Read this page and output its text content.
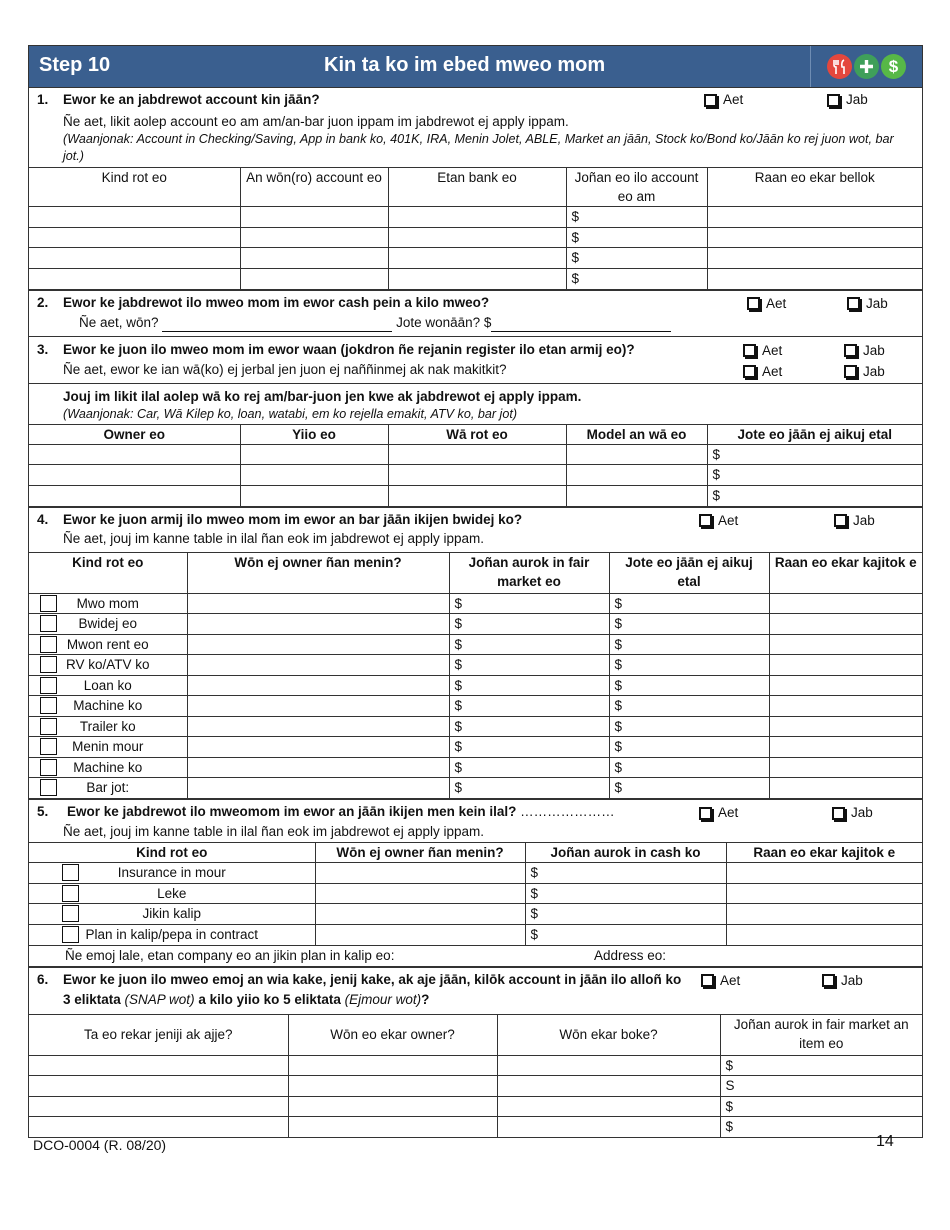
Step 10	Kin ta ko im ebed mweo mom	$
1. Ewor ke an jabdrewot account kin jāān?	Aet	Jab
Ñe aet, likit aolep account eo am am/an-bar juon ippam im jabdrewot ej apply ippam.
(Waanjonak: Account in Checking/Saving, App in bank ko, 401K, IRA, Menin Jolet, ABLE, Market an jāān, Stock ko/Bond ko/Jāān ko rej juon wot, bar jot.)
Kind rot eo	An wōn(ro) account eo	Etan bank eo	Joñan eo ilo account eo am	Raan eo ekar bellok
			$	
			$	
			$	
			$	
2. Ewor ke jabdrewot ilo mweo mom im ewor cash pein a kilo mweo?	Aet	Jab
Ñe aet, wōn?	Jote wonāān? $
3. Ewor ke juon ilo mweo mom im ewor waan (jokdron ñe rejanin register ilo etan armij eo)?	Aet	Jab
Ñe aet, ewor ke ian wā(ko) ej jerbal jen juon ej naññinmej ak nak makitkit?	Aet	Jab
Jouj im likit ilal aolep wā ko rej am/bar-juon jen kwe ak jabdrewot ej apply ippam.
(Waanjonak: Car, Wā Kilep ko, loan, watabi, em ko rejella emakit, ATV ko, bar jot)
Owner eo	Yiio eo	Wā rot eo	Model an wā eo	Jote eo jāān ej aikuj etal
				$
				$
				$
4. Ewor ke juon armij ilo mweo mom im ewor an bar jāān ikijen bwidej ko?	Aet	Jab
Ñe aet, jouj im kanne table in ilal ñan eok im jabdrewot ej apply ippam.
Kind rot eo	Wōn ej owner ñan menin?	Joñan aurok in fair market eo	Jote eo jāān ej aikuj etal	Raan eo ekar kajitok e

Mwo mom		$	$	

Bwidej eo		$	$	

Mwon rent eo		$	$	

RV ko/ATV ko		$	$	

Loan ko		$	$	

Machine ko		$	$	

Trailer ko		$	$	

Menin mour		$	$	

Machine ko		$	$	

Bar jot:		$	$	
5. Ewor ke jabdrewot ilo mweomom im ewor an jāān ikijen men kein ilal? …………………	Aet	Jab
Ñe aet, jouj im kanne table in ilal ñan eok im jabdrewot ej apply ippam.
Kind rot eo	Wōn ej owner ñan menin?	Joñan aurok in cash ko	Raan eo ekar kajitok e

Insurance in mour		$	

Leke		$	

Jikin kalip		$	

Plan in kalip/pepa in contract		$	
Ñe emoj lale, etan company eo an jikin plan in kalip eo:	Address eo:
6. Ewor ke juon ilo mweo emoj an wia kake, jenij kake, ak aje jāān, kilōk account in jāān ilo alloñ ko 3 eliktata (SNAP wot) a kilo yiio ko 5 eliktata (Ejmour wot)?
Aet	Jab
Ta eo rekar jeniji ak ajje?	Wōn eo ekar owner?	Wōn ekar boke?	Joñan aurok in fair market an item eo
			$
			S
			$
			$
DCO-0004 (R. 08/20)	14
